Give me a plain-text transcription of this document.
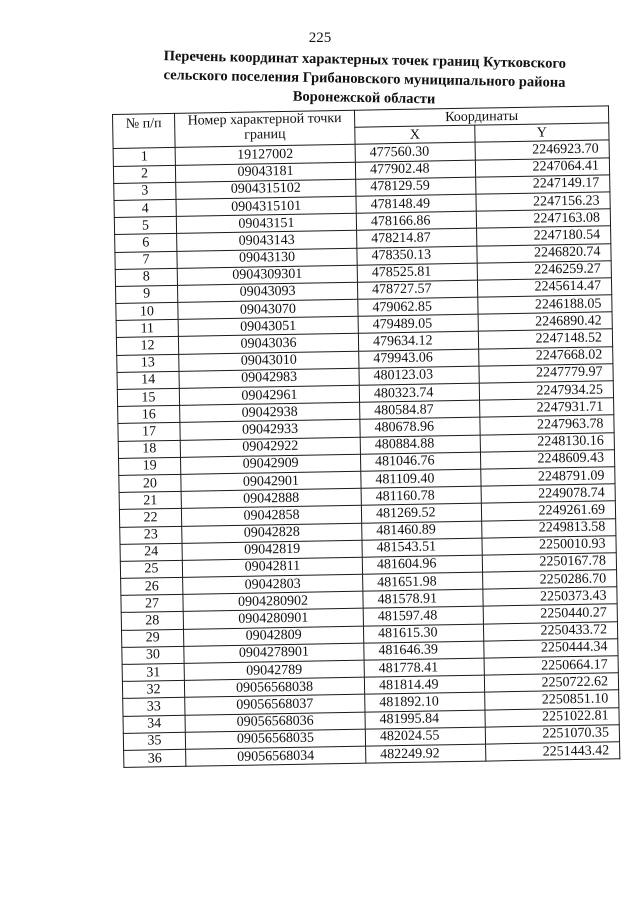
225
Перечень координат характерных точек границ Кутковского
сельского поселения Грибановского муниципального района
Воронежской области
№ п/п	Номер характерной точки границ	Координаты	
		X	Y
1	19127002	477560.30	2246923.70
2	09043181	477902.48	2247064.41
3	0904315102	478129.59	2247149.17
4	0904315101	478148.49	2247156.23
5	09043151	478166.86	2247163.08
6	09043143	478214.87	2247180.54
7	09043130	478350.13	2246820.74
8	0904309301	478525.81	2246259.27
9	09043093	478727.57	2245614.47
10	09043070	479062.85	2246188.05
11	09043051	479489.05	2246890.42
12	09043036	479634.12	2247148.52
13	09043010	479943.06	2247668.02
14	09042983	480123.03	2247779.97
15	09042961	480323.74	2247934.25
16	09042938	480584.87	2247931.71
17	09042933	480678.96	2247963.78
18	09042922	480884.88	2248130.16
19	09042909	481046.76	2248609.43
20	09042901	481109.40	2248791.09
21	09042888	481160.78	2249078.74
22	09042858	481269.52	2249261.69
23	09042828	481460.89	2249813.58
24	09042819	481543.51	2250010.93
25	09042811	481604.96	2250167.78
26	09042803	481651.98	2250286.70
27	0904280902	481578.91	2250373.43
28	0904280901	481597.48	2250440.27
29	09042809	481615.30	2250433.72
30	0904278901	481646.39	2250444.34
31	09042789	481778.41	2250664.17
32	09056568038	481814.49	2250722.62
33	09056568037	481892.10	2250851.10
34	09056568036	481995.84	2251022.81
35	09056568035	482024.55	2251070.35
36	09056568034	482249.92	2251443.42
